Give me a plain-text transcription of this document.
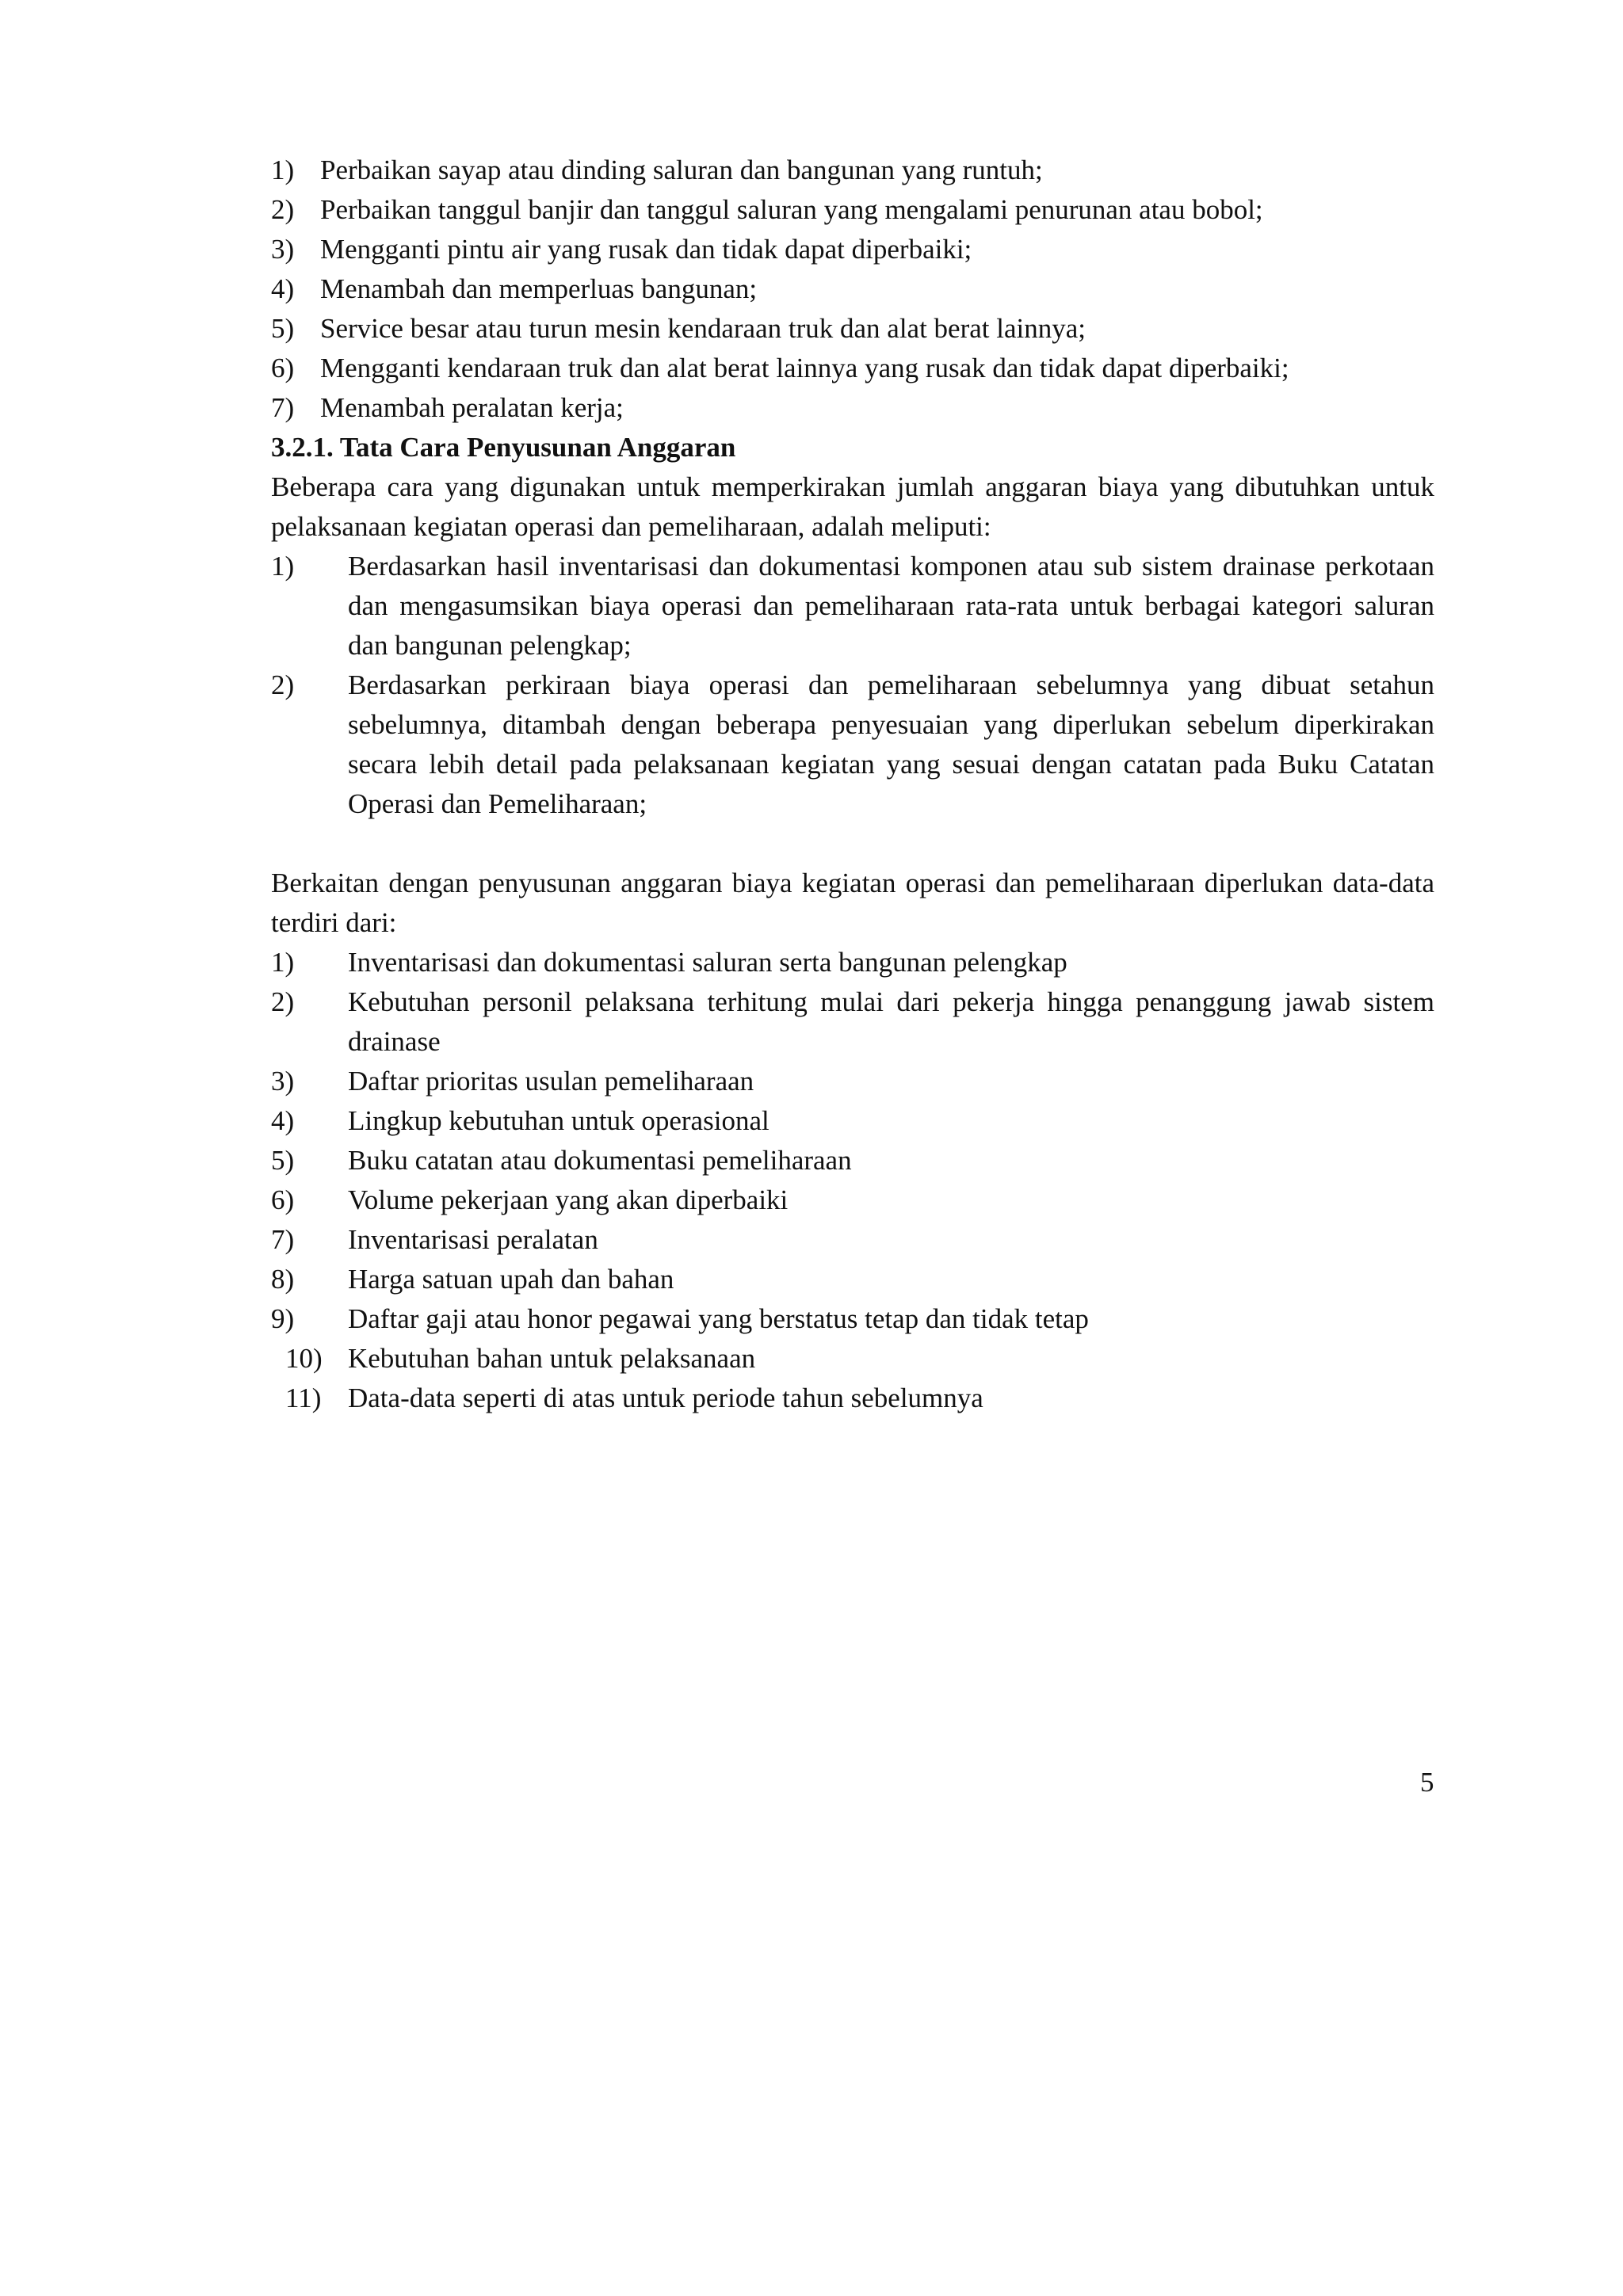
1) Perbaikan sayap atau dinding saluran dan bangunan yang runtuh;
2) Perbaikan tanggul banjir dan tanggul saluran yang mengalami penurunan atau bobol;
3) Mengganti pintu air yang rusak dan tidak dapat diperbaiki;
4) Menambah dan memperluas bangunan;
5) Service besar atau turun mesin kendaraan truk dan alat berat lainnya;
6) Mengganti kendaraan truk dan alat berat lainnya yang rusak dan tidak dapat diperbaiki;
7) Menambah peralatan kerja;
3.2.1. Tata Cara Penyusunan Anggaran

Beberapa cara yang digunakan untuk memperkirakan jumlah anggaran biaya yang dibutuhkan untuk pelaksanaan kegiatan operasi dan pemeliharaan, adalah meliputi:

1) Berdasarkan hasil inventarisasi dan dokumentasi komponen atau sub sistem drainase perkotaan dan mengasumsikan biaya operasi dan pemeliharaan rata-rata untuk berbagai kategori saluran dan bangunan pelengkap;
2) Berdasarkan perkiraan biaya operasi dan pemeliharaan sebelumnya yang dibuat setahun sebelumnya, ditambah dengan beberapa penyesuaian yang diperlukan sebelum diperkirakan secara lebih detail pada pelaksanaan kegiatan yang sesuai dengan catatan pada Buku Catatan Operasi dan Pemeliharaan;

Berkaitan dengan penyusunan anggaran biaya kegiatan operasi dan pemeliharaan diperlukan data-data terdiri dari:

1) Inventarisasi dan dokumentasi saluran serta bangunan pelengkap
2) Kebutuhan personil pelaksana terhitung mulai dari pekerja hingga penanggung jawab sistem drainase
3) Daftar prioritas usulan pemeliharaan
4) Lingkup kebutuhan untuk operasional
5) Buku catatan atau dokumentasi pemeliharaan
6) Volume pekerjaan yang akan diperbaiki
7) Inventarisasi peralatan
8) Harga satuan upah dan bahan
9) Daftar gaji atau honor pegawai yang berstatus tetap dan tidak tetap
10) Kebutuhan bahan untuk pelaksanaan
11) Data-data seperti di atas untuk periode tahun sebelumnya
5
